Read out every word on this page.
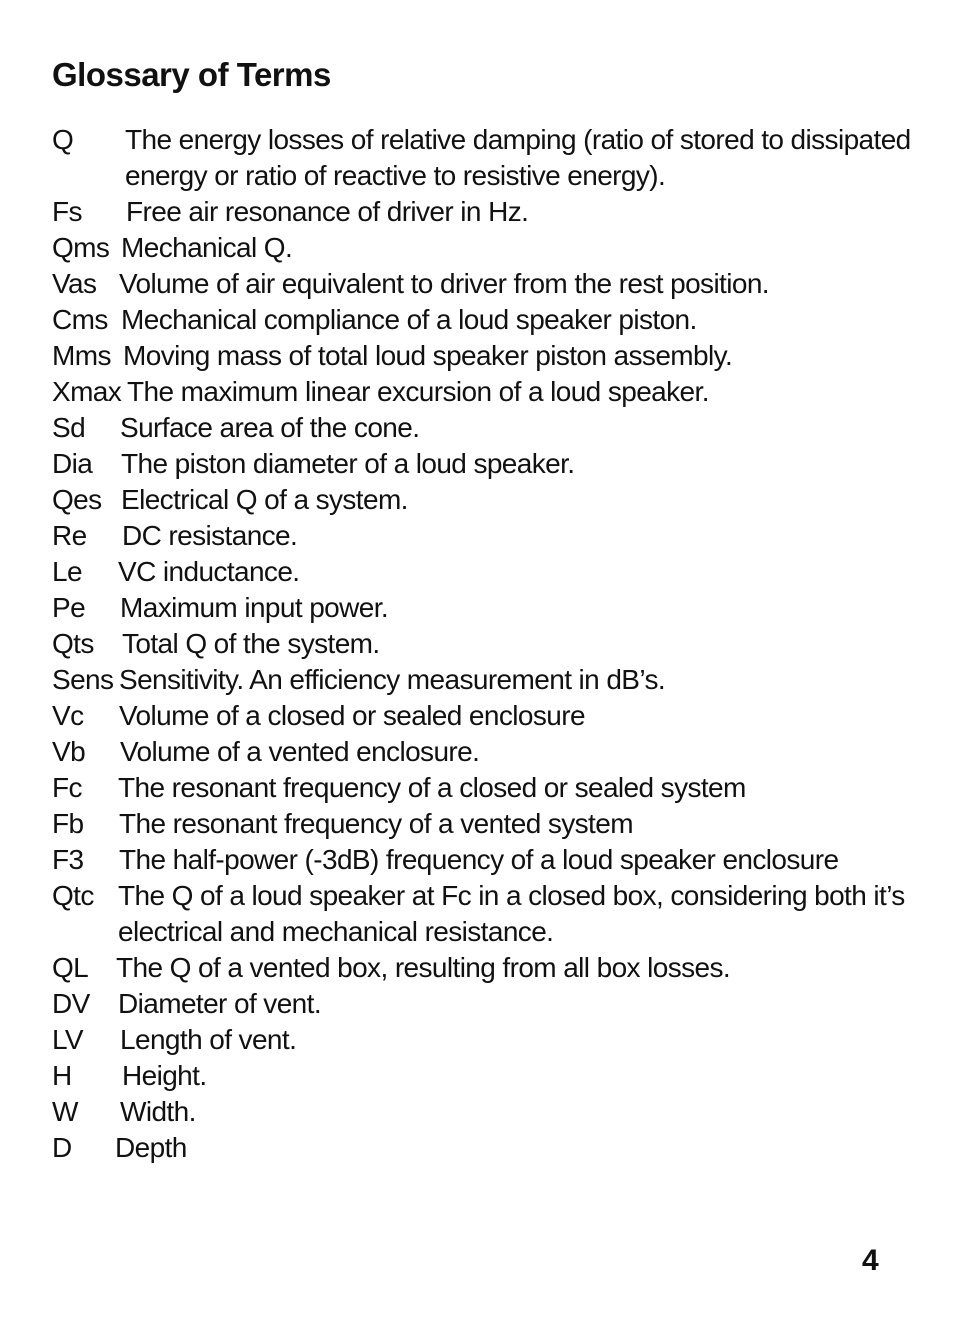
Glossary of Terms
Q	The energy losses of relative damping (ratio of stored to dissipated energy or ratio of reactive to resistive energy).
Fs	Free air resonance of driver in Hz.
Qms Mechanical Q.
Vas Volume of air equivalent to driver from the rest position.
Cms Mechanical compliance of a loud speaker piston.
Mms Moving mass of total loud speaker piston assembly.
Xmax The maximum linear excursion of a loud speaker.
Sd	Surface area of the cone.
Dia	The piston diameter of a loud speaker.
Qes Electrical Q of a system.
Re	DC resistance.
Le	VC inductance.
Pe	Maximum input power.
Qts	Total Q of the system.
Sens Sensitivity. An efficiency measurement in dB’s.
Vc	Volume of a closed or sealed enclosure
Vb	Volume of a vented enclosure.
Fc	The resonant frequency of a closed or sealed system
Fb	The resonant frequency of a vented system
F3	The half-power (-3dB) frequency of a loud speaker enclosure
Qtc The Q of a loud speaker at Fc in a closed box, considering both it’s electrical and mechanical resistance.
QL The Q of a vented box, resulting from all box losses.
DV	Diameter of vent.
LV	Length of vent.
H	Height.
W	Width.
D	Depth
4
